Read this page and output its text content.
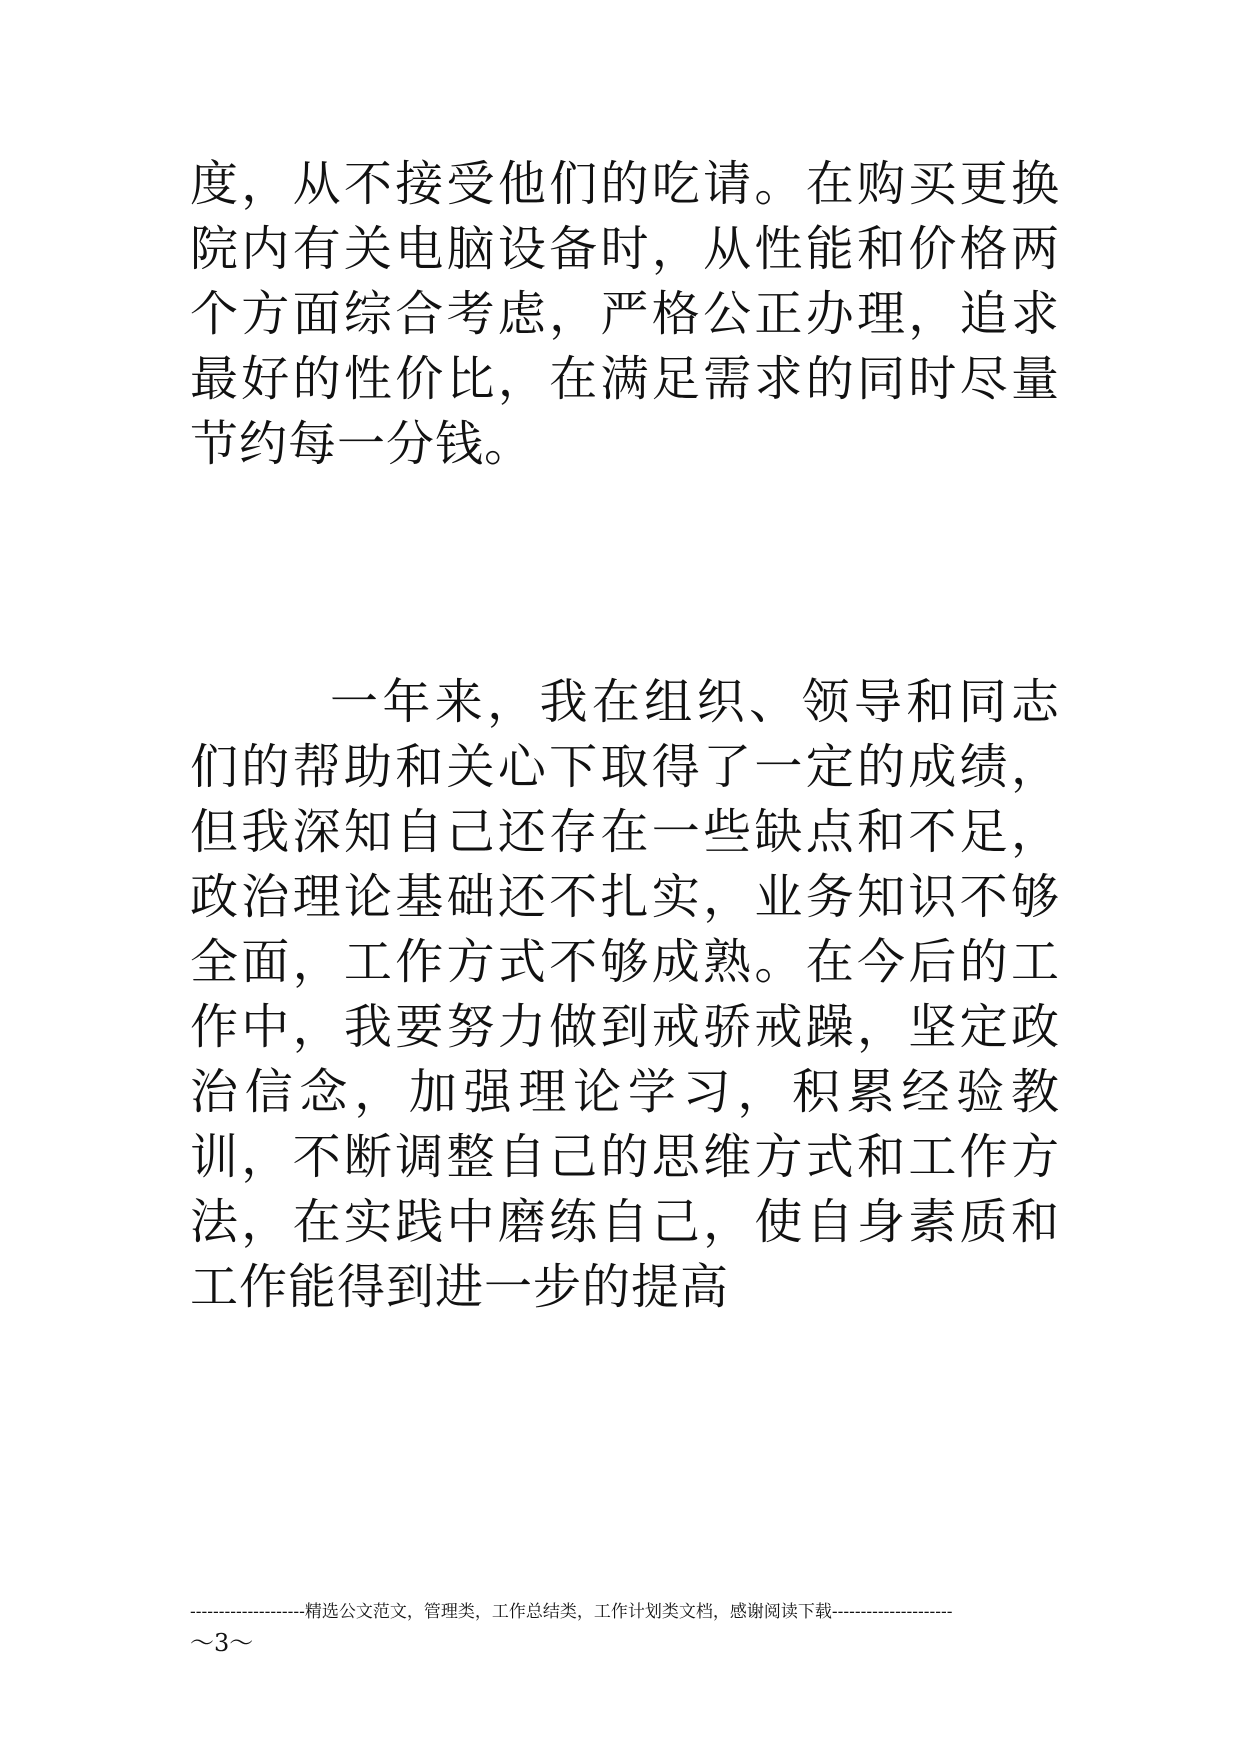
度，从不接受他们的吃请。在购买更换院内有关电脑设备时，从性能和价格两个方面综合考虑，严格公正办理，追求最好的性价比，在满足需求的同时尽量节约每一分钱。

一年来，我在组织、领导和同志们的帮助和关心下取得了一定的成绩，但我深知自己还存在一些缺点和不足，政治理论基础还不扎实，业务知识不够全面，工作方式不够成熟。在今后的工作中，我要努力做到戒骄戒躁，坚定政治信念，加强理论学习，积累经验教训，不断调整自己的思维方式和工作方法，在实践中磨练自己，使自身素质和工作能得到进一步的提高

--------------------精选公文范文，管理类，工作总结类，工作计划类文档，感谢阅读下载---------------------
～3～
